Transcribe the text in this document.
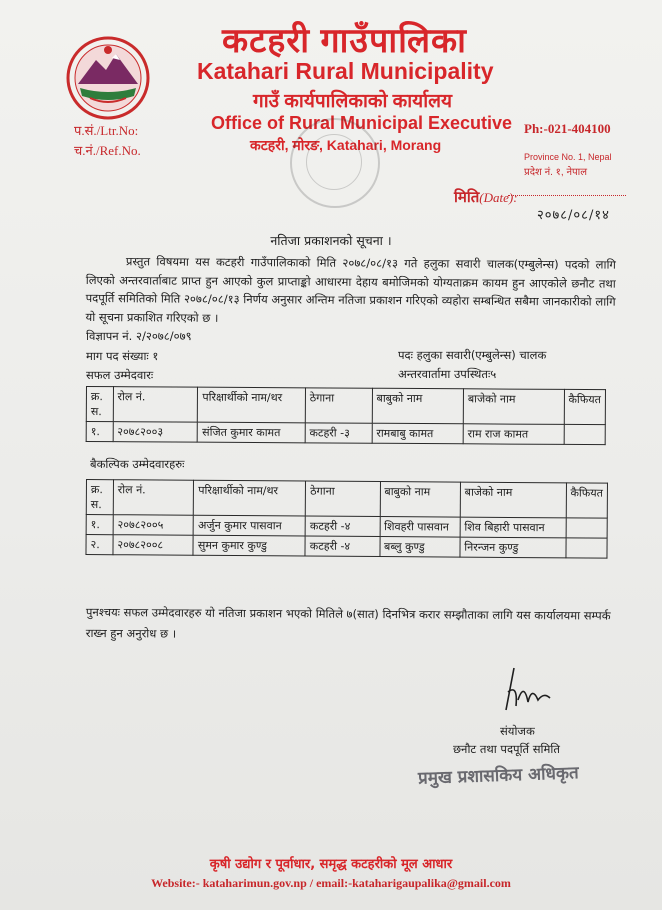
कटहरी गाउँपालिका
Katahari Rural Municipality
गाउँ कार्यपालिकाको कार्यालय
Office of Rural Municipal Executive
कटहरी, मोरङ, Katahari, Morang
प.सं./Ltr.No:
च.नं./Ref.No.
Ph:-021-404100
Province No. 1, Nepal
प्रदेश नं. १, नेपाल
मिति(Date):
२०७८/०८/१४
नतिजा प्रकाशनको सूचना ।
प्रस्तुत विषयमा यस कटहरी गाउँपालिकाको मिति २०७८/०८/१३ गते हलुका सवारी चालक(एम्बुलेन्स) पदको लागि लिएको अन्तरवार्ताबाट प्राप्त हुन आएको कुल प्राप्ताङ्को आधारमा देहाय बमोजिमको योग्यताक्रम कायम हुन आएकोले छनौट तथा पदपूर्ति समितिको मिति २०७८/०८/१३ निर्णय अनुसार अन्तिम नतिजा प्रकाशन गरिएको व्यहोरा सम्बन्धित सबैमा जानकारीको लागि यो सूचना प्रकाशित गरिएको छ ।
विज्ञापन नं. २/२०७८/०७९
माग पद संख्याः १	पदः हलुका सवारी(एम्बुलेन्स) चालक
सफल उम्मेदवारः	अन्तरवार्तामा उपस्थितः५
क्र. स.	रोल नं.	परिक्षार्थीको नाम/थर	ठेगाना	बाबुको नाम	बाजेको नाम	कैफियत
१.	२०७८२००३	संजित कुमार कामत	कटहरी -३	रामबाबु कामत	राम राज कामत	
बैकल्पिक उम्मेदवारहरुः
क्र. स.	रोल नं.	परिक्षार्थीको नाम/थर	ठेगाना	बाबुको नाम	बाजेको नाम	कैफियत
१.	२०७८२००५	अर्जुन कुमार पासवान	कटहरी -४	शिवहरी पासवान	शिव बिहारी पासवान	
२.	२०७८२००८	सुमन कुमार कुण्डु	कटहरी -४	बब्लु कुण्डु	निरन्जन कुण्डु	
पुनश्चयः सफल उम्मेदवारहरु यो नतिजा प्रकाशन भएको मितिले ७(सात) दिनभित्र करार सम्झौताका लागि यस कार्यालयमा सम्पर्क राख्न हुन अनुरोध छ ।
संयोजक
छनौट तथा पदपूर्ति समिति
प्रमुख प्रशासकिय अधिकृत
कृषी उद्योग र पूर्वाधार, समृद्ध कटहरीको मूल आधार
Website:- kataharimun.gov.np / email:-kataharigaupalika@gmail.com
